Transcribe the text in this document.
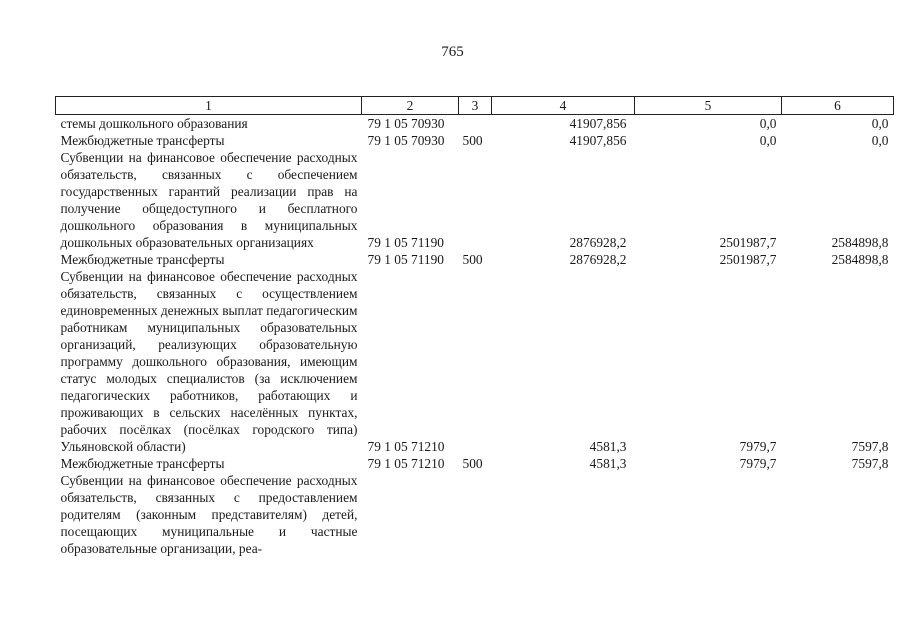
765
1	2	3	4	5	6
стемы дошкольного образования	79 1 05 70930		41907,856	0,0	0,0
Межбюджетные трансферты	79 1 05 70930	500	41907,856	0,0	0,0
Субвенции на финансовое обеспечение расходных обязательств, связанных с обеспечением государственных гарантий реализации прав на получение общедоступного и бесплатного дошкольного образования в муниципальных дошкольных образовательных организациях	79 1 05 71190		2876928,2	2501987,7	2584898,8
Межбюджетные трансферты	79 1 05 71190	500	2876928,2	2501987,7	2584898,8
Субвенции на финансовое обеспечение расходных обязательств, связанных с осуществлением единовременных денежных выплат педагогическим работникам муниципальных образовательных организаций, реализующих образовательную программу дошкольного образования, имеющим статус молодых специалистов (за исключением педагогических работников, работающих и проживающих в сельских населённых пунктах, рабочих посёлках (посёлках городского типа) Ульяновской области)	79 1 05 71210		4581,3	7979,7	7597,8
Межбюджетные трансферты	79 1 05 71210	500	4581,3	7979,7	7597,8
Субвенции на финансовое обеспечение расходных обязательств, связанных с предоставлением родителям (законным представителям) детей, посещающих муниципальные и частные образовательные организации, реа-					
